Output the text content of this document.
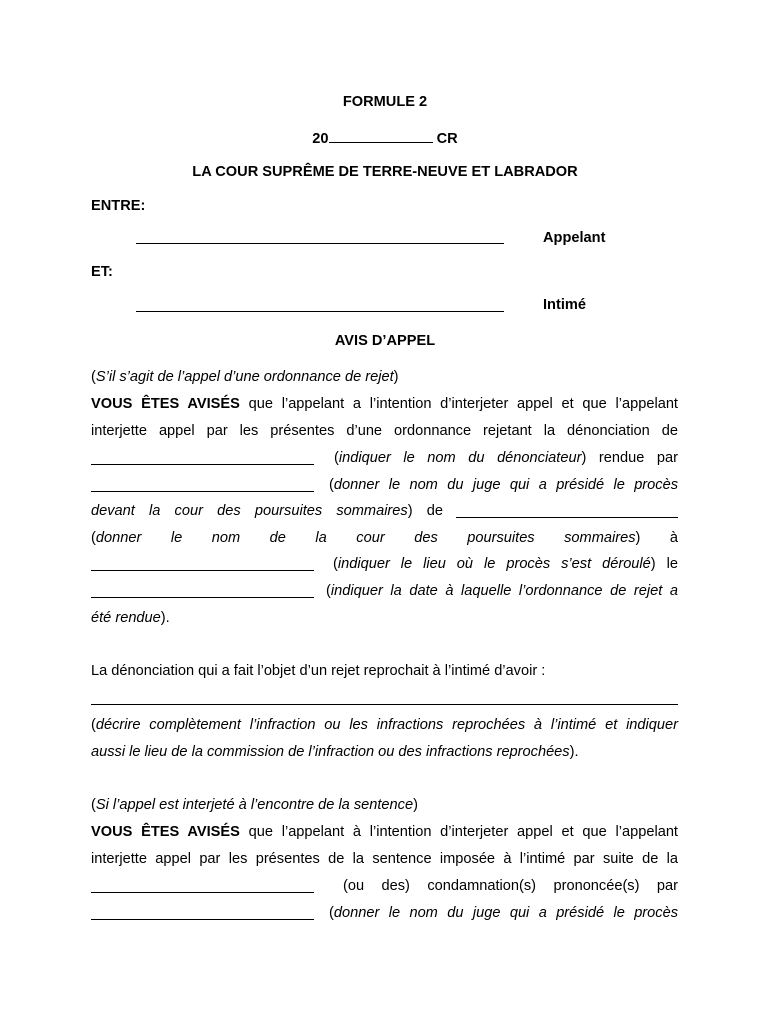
FORMULE 2
20	CR
LA COUR SUPRÊME DE TERRE-NEUVE ET LABRADOR
ENTRE:
Appelant
ET:
Intimé
AVIS D’APPEL
(S’il s’agit de l’appel d’une ordonnance de rejet)
VOUS ÊTES AVISÉS que l’appelant a l’intention d’interjeter appel et que l’appelant
interjette appel par les présentes d’une ordonnance rejetant la dénonciation de
(indiquer le nom du dénonciateur) rendue par
(donner le nom du juge qui a présidé le procès
devant la cour des poursuites sommaires) de
(donner le nom de la cour des poursuites sommaires) à
(indiquer le lieu où le procès s’est déroulé) le
(indiquer la date à laquelle l’ordonnance de rejet a
été rendue).
La dénonciation qui a fait l’objet d’un rejet reprochait à l’intimé d’avoir :
(décrire complètement l’infraction ou les infractions reprochées à l’intimé et indiquer
aussi le lieu de la commission de l’infraction ou des infractions reprochées).
(Si l’appel est interjeté à l’encontre de la sentence)
VOUS ÊTES AVISÉS que l’appelant à l’intention d’interjeter appel et que l’appelant
interjette appel par les présentes de la sentence imposée à l’intimé par suite de la
(ou des) condamnation(s) prononcée(s) par
(donner le nom du juge qui a présidé le procès
